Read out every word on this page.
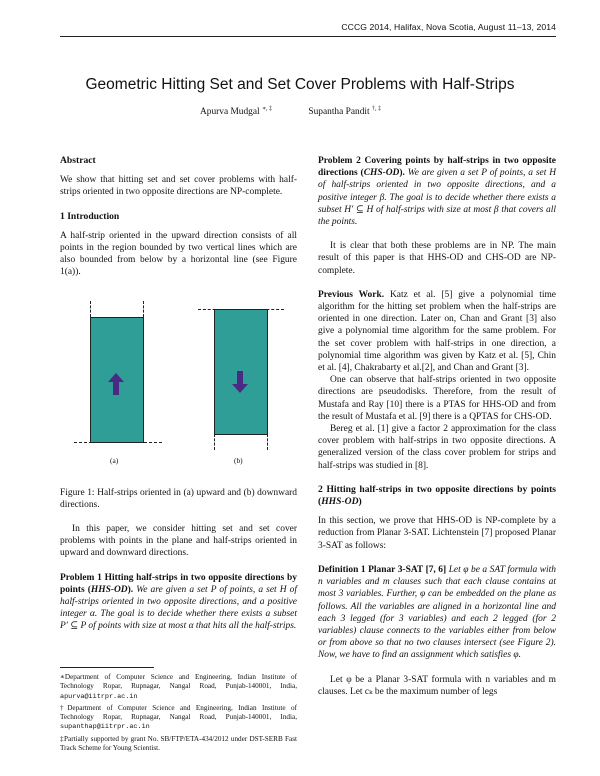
CCCG 2014, Halifax, Nova Scotia, August 11–13, 2014
Geometric Hitting Set and Set Cover Problems with Half-Strips
Apurva Mudgal ∗, ‡	Supantha Pandit †, ‡
Abstract

We show that hitting set and set cover problems with half-strips oriented in two opposite directions are NP-complete.

1 Introduction

A half-strip oriented in the upward direction consists of all points in the region bounded by two vertical lines which are also bounded from below by a horizontal line (see Figure 1(a)).

(a)	(b)

Figure 1: Half-strips oriented in (a) upward and (b) downward directions.

In this paper, we consider hitting set and set cover problems with points in the plane and half-strips oriented in upward and downward directions.

Problem 1 Hitting half-strips in two opposite directions by points (HHS-OD). We are given a set P of points, a set H of half-strips oriented in two opposite directions, and a positive integer α. The goal is to decide whether there exists a subset P′ ⊆ P of points with size at most α that hits all the half-strips.

∗Department of Computer Science and Engineering, Indian Institute of Technology Ropar, Rupnagar, Nangal Road, Punjab-140001, India, apurva@iitrpr.ac.in

†Department of Computer Science and Engineering, Indian Institute of Technology Ropar, Rupnagar, Nangal Road, Punjab-140001, India, supanthap@iitrpr.ac.in

‡Partially supported by grant No. SB/FTP/ETA-434/2012 under DST-SERB Fast Track Scheme for Young Scientist.

Problem 2 Covering points by half-strips in two opposite directions (CHS-OD). We are given a set P of points, a set H of half-strips oriented in two opposite directions, and a positive integer β. The goal is to decide whether there exists a subset H′ ⊆ H of half-strips with size at most β that covers all the points.

It is clear that both these problems are in NP. The main result of this paper is that HHS-OD and CHS-OD are NP-complete.

Previous Work. Katz et al. [5] give a polynomial time algorithm for the hitting set problem when the half-strips are oriented in one direction. Later on, Chan and Grant [3] also give a polynomial time algorithm for the same problem. For the set cover problem with half-strips in one direction, a polynomial time algorithm was given by Katz et al. [5], Chin et al. [4], Chakrabarty et al.[2], and Chan and Grant [3].

One can observe that half-strips oriented in two opposite directions are pseudodisks. Therefore, from the result of Mustafa and Ray [10] there is a PTAS for HHS-OD and from the result of Mustafa et al. [9] there is a QPTAS for CHS-OD.

Bereg et al. [1] give a factor 2 approximation for the class cover problem with half-strips in two opposite directions. A generalized version of the class cover problem for strips and half-strips was studied in [8].

2 Hitting half-strips in two opposite directions by points (HHS-OD)

In this section, we prove that HHS-OD is NP-complete by a reduction from Planar 3-SAT. Lichtenstein [7] proposed Planar 3-SAT as follows:

Definition 1 Planar 3-SAT [7, 6] Let φ be a SAT formula with n variables and m clauses such that each clause contains at most 3 variables. Further, φ can be embedded on the plane as follows. All the variables are aligned in a horizontal line and each 3 legged (for 3 variables) and each 2 legged (for 2 variables) clause connects to the variables either from below or from above so that no two clauses intersect (see Figure 2). Now, we have to find an assignment which satisfies φ.

Let φ be a Planar 3-SAT formula with n variables and m clauses. Let cₖ be the maximum number of legs
